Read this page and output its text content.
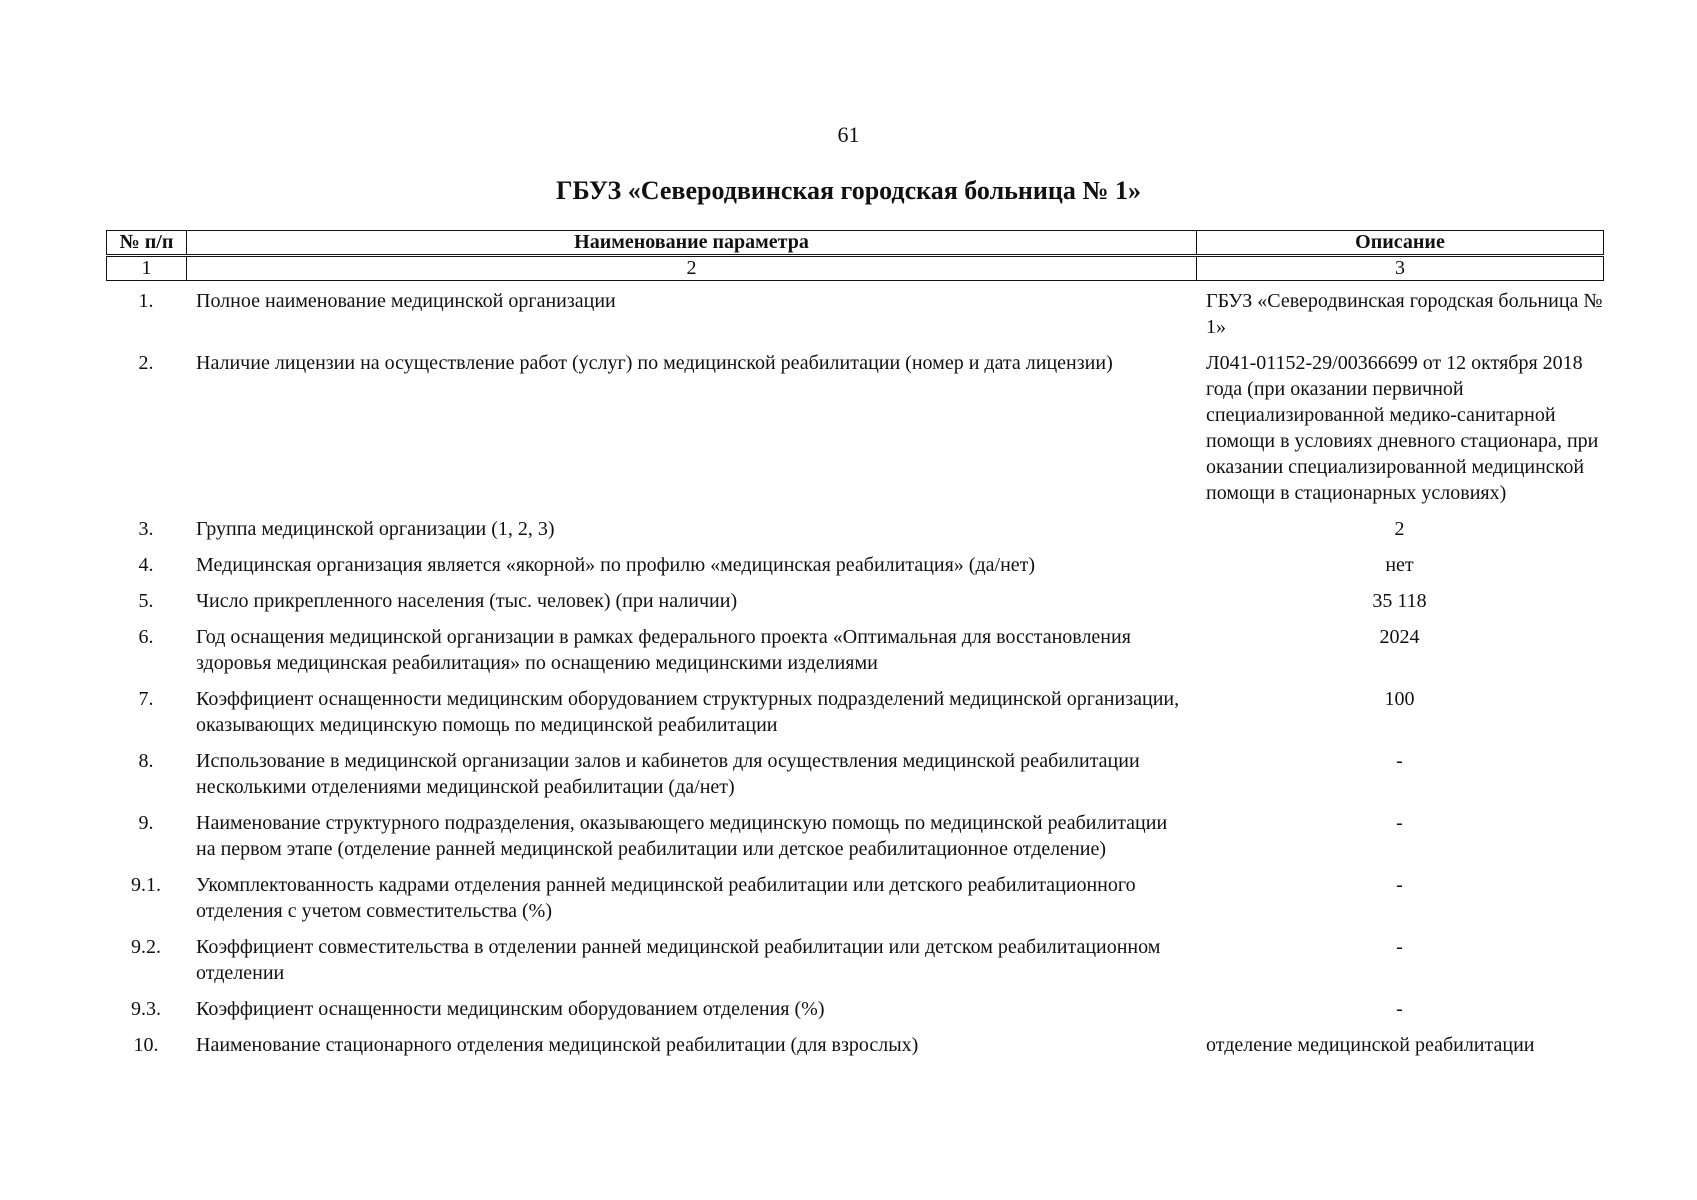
61
ГБУЗ «Северодвинская городская больница № 1»
№ п/п	Наименование параметра	Описание
1	2	3
1.	Полное наименование медицинской организации	ГБУЗ «Северодвинская городская больница № 1»
2.	Наличие лицензии на осуществление работ (услуг) по медицинской реабилитации (номер и дата лицензии)	Л041-01152-29/00366699 от 12 октября 2018 года (при оказании первичной специализированной медико-санитарной помощи в условиях дневного стационара, при оказании специализированной медицинской помощи в стационарных условиях)
3.	Группа медицинской организации (1, 2, 3)	2
4.	Медицинская организация является «якорной» по профилю «медицинская реабилитация» (да/нет)	нет
5.	Число прикрепленного населения (тыс. человек) (при наличии)	35 118
6.	Год оснащения медицинской организации в рамках федерального проекта «Оптимальная для восстановления здоровья медицинская реабилитация» по оснащению медицинскими изделиями	2024
7.	Коэффициент оснащенности медицинским оборудованием структурных подразделений медицинской организации, оказывающих медицинскую помощь по медицинской реабилитации	100
8.	Использование в медицинской организации залов и кабинетов для осуществления медицинской реабилитации несколькими отделениями медицинской реабилитации (да/нет)	-
9.	Наименование структурного подразделения, оказывающего медицинскую помощь по медицинской реабилитации на первом этапе (отделение ранней медицинской реабилитации или детское реабилитационное отделение)	-
9.1.	Укомплектованность кадрами отделения ранней медицинской реабилитации или детского реабилитационного отделения с учетом совместительства (%)	-
9.2.	Коэффициент совместительства в отделении ранней медицинской реабилитации или детском реабилитационном отделении	-
9.3.	Коэффициент оснащенности медицинским оборудованием отделения (%)	-
10.	Наименование стационарного отделения медицинской реабилитации (для взрослых)	отделение медицинской реабилитации
